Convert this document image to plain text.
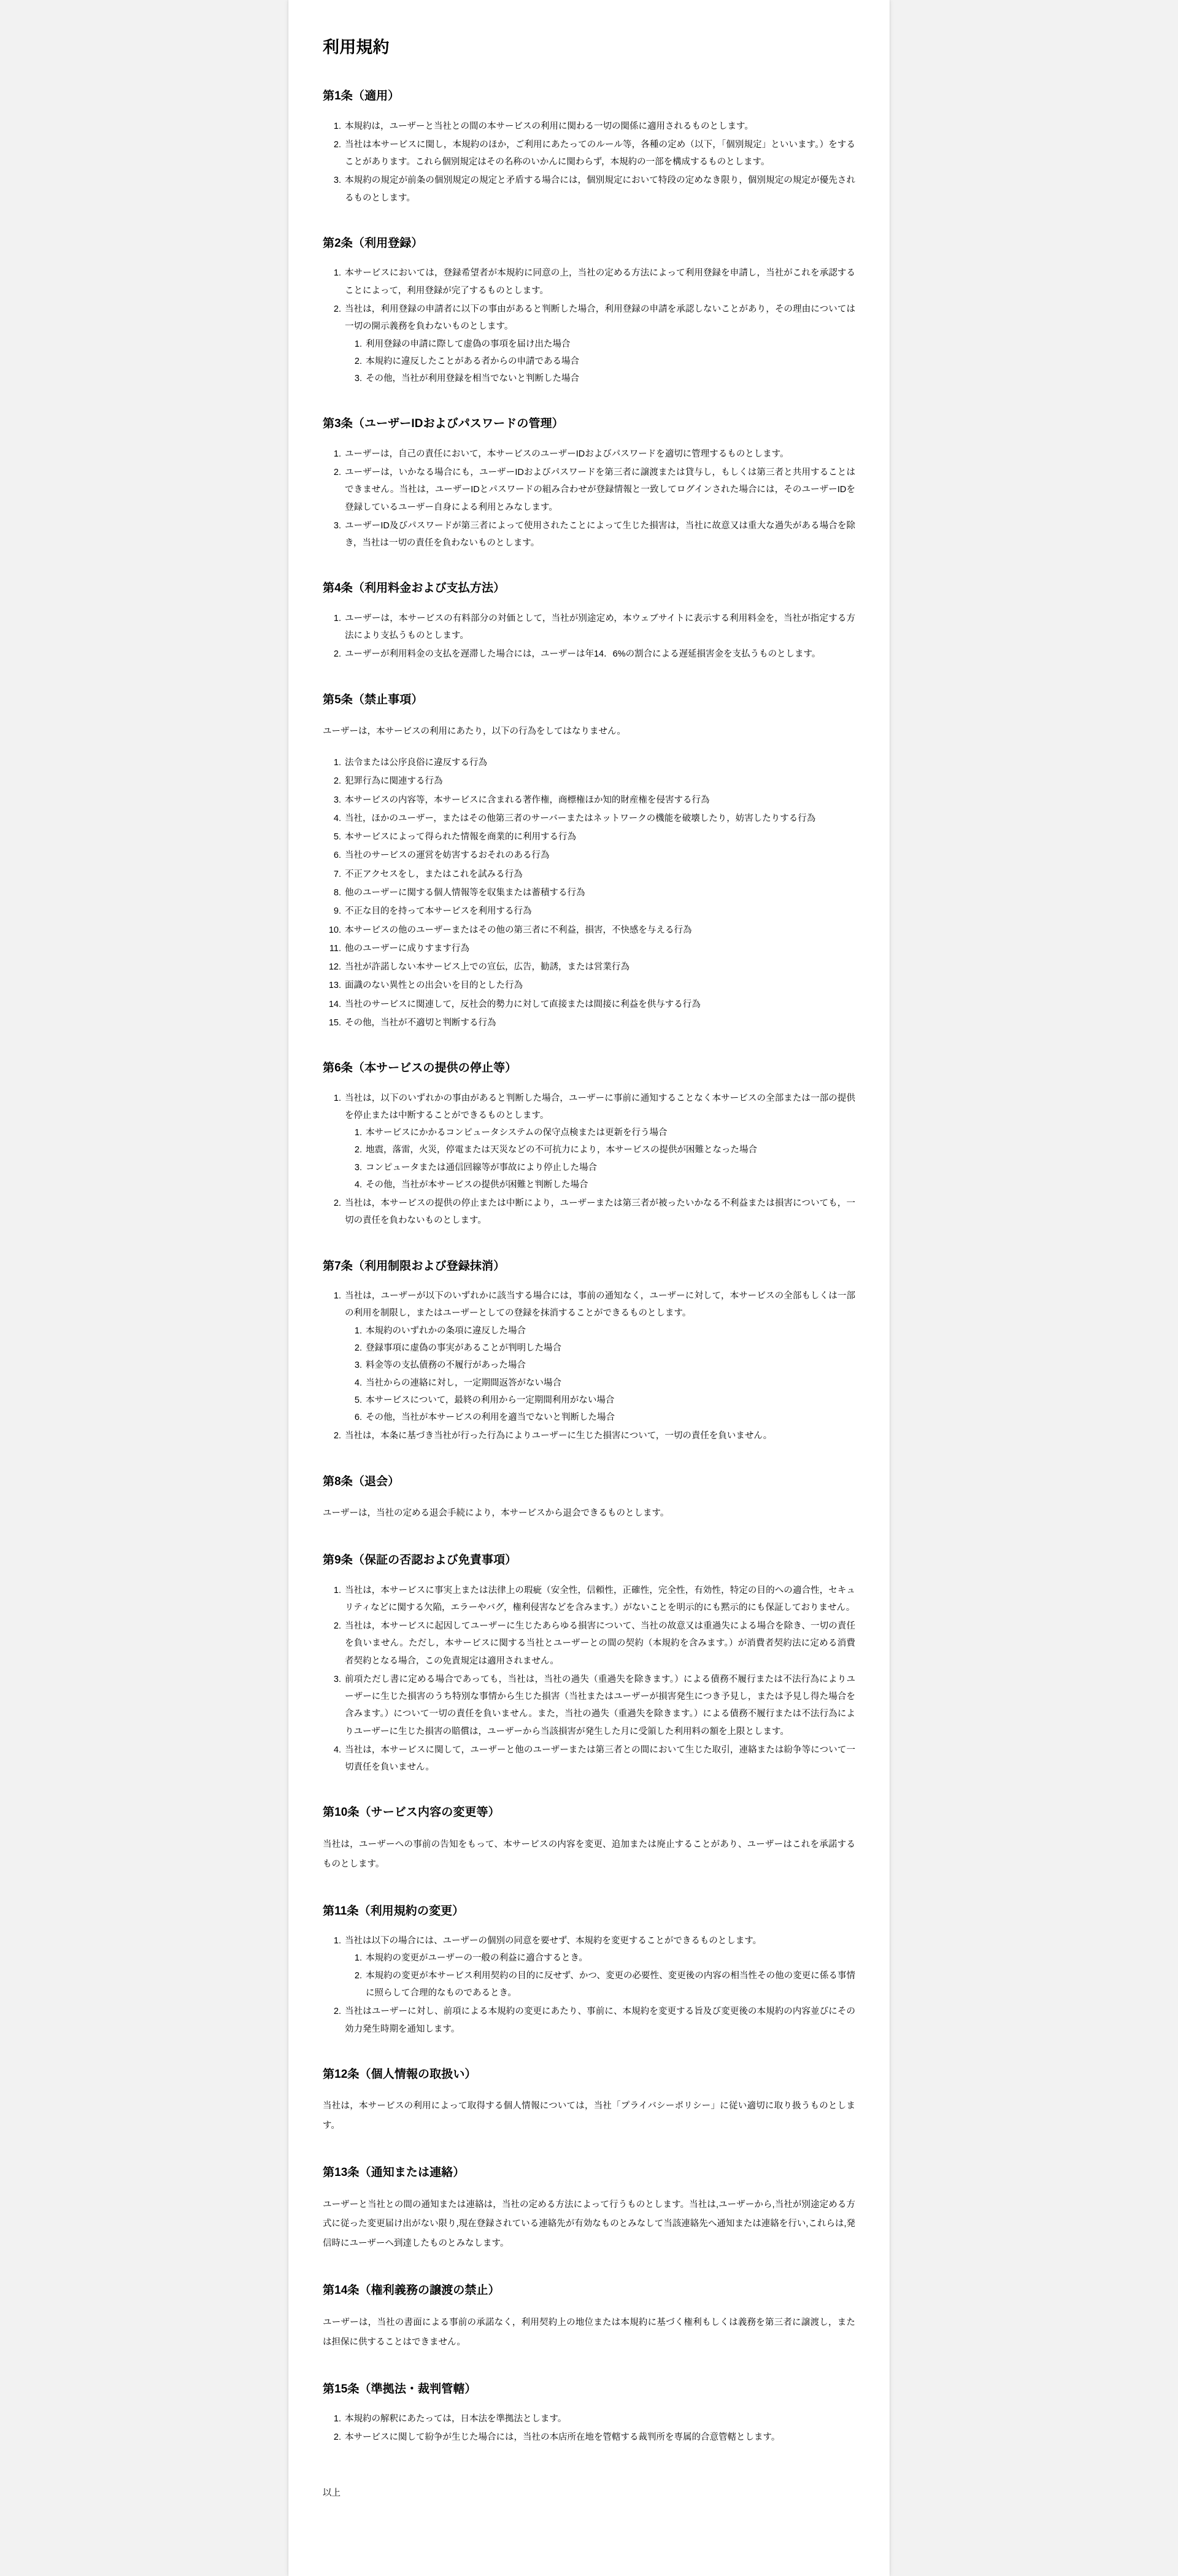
利用規約
第1条（適用）
1. 本規約は，ユーザーと当社との間の本サービスの利用に関わる一切の関係に適用されるものとします。
2. 当社は本サービスに関し，本規約のほか，ご利用にあたってのルール等，各種の定め（以下，「個別規定」といいます。）をすることがあります。これら個別規定はその名称のいかんに関わらず，本規約の一部を構成するものとします。
3. 本規約の規定が前条の個別規定の規定と矛盾する場合には，個別規定において特段の定めなき限り，個別規定の規定が優先されるものとします。
第2条（利用登録）
1. 本サービスにおいては，登録希望者が本規約に同意の上，当社の定める方法によって利用登録を申請し，当社がこれを承認することによって，利用登録が完了するものとします。
2. 当社は，利用登録の申請者に以下の事由があると判断した場合，利用登録の申請を承認しないことがあり，その理由については一切の開示義務を負わないものとします。
1. 利用登録の申請に際して虚偽の事項を届け出た場合
2. 本規約に違反したことがある者からの申請である場合
3. その他，当社が利用登録を相当でないと判断した場合
第3条（ユーザーIDおよびパスワードの管理）
1. ユーザーは，自己の責任において，本サービスのユーザーIDおよびパスワードを適切に管理するものとします。
2. ユーザーは，いかなる場合にも，ユーザーIDおよびパスワードを第三者に譲渡または貸与し，もしくは第三者と共用することはできません。当社は，ユーザーIDとパスワードの組み合わせが登録情報と一致してログインされた場合には，そのユーザーIDを登録しているユーザー自身による利用とみなします。
3. ユーザーID及びパスワードが第三者によって使用されたことによって生じた損害は，当社に故意又は重大な過失がある場合を除き，当社は一切の責任を負わないものとします。
第4条（利用料金および支払方法）
1. ユーザーは，本サービスの有料部分の対価として，当社が別途定め，本ウェブサイトに表示する利用料金を，当社が指定する方法により支払うものとします。
2. ユーザーが利用料金の支払を遅滞した場合には，ユーザーは年14．6%の割合による遅延損害金を支払うものとします。
第5条（禁止事項）

ユーザーは，本サービスの利用にあたり，以下の行為をしてはなりません。

1. 法令または公序良俗に違反する行為
2. 犯罪行為に関連する行為
3. 本サービスの内容等，本サービスに含まれる著作権，商標権ほか知的財産権を侵害する行為
4. 当社，ほかのユーザー，またはその他第三者のサーバーまたはネットワークの機能を破壊したり，妨害したりする行為
5. 本サービスによって得られた情報を商業的に利用する行為
6. 当社のサービスの運営を妨害するおそれのある行為
7. 不正アクセスをし，またはこれを試みる行為
8. 他のユーザーに関する個人情報等を収集または蓄積する行為
9. 不正な目的を持って本サービスを利用する行為
10. 本サービスの他のユーザーまたはその他の第三者に不利益，損害，不快感を与える行為
11. 他のユーザーに成りすます行為
12. 当社が許諾しない本サービス上での宣伝，広告，勧誘，または営業行為
13. 面識のない異性との出会いを目的とした行為
14. 当社のサービスに関連して，反社会的勢力に対して直接または間接に利益を供与する行為
15. その他，当社が不適切と判断する行為
第6条（本サービスの提供の停止等）
1. 当社は，以下のいずれかの事由があると判断した場合，ユーザーに事前に通知することなく本サービスの全部または一部の提供を停止または中断することができるものとします。
1. 本サービスにかかるコンピュータシステムの保守点検または更新を行う場合
2. 地震，落雷，火災，停電または天災などの不可抗力により，本サービスの提供が困難となった場合
3. コンピュータまたは通信回線等が事故により停止した場合
4. その他，当社が本サービスの提供が困難と判断した場合
2. 当社は，本サービスの提供の停止または中断により，ユーザーまたは第三者が被ったいかなる不利益または損害についても，一切の責任を負わないものとします。
第7条（利用制限および登録抹消）
1. 当社は，ユーザーが以下のいずれかに該当する場合には，事前の通知なく，ユーザーに対して，本サービスの全部もしくは一部の利用を制限し，またはユーザーとしての登録を抹消することができるものとします。
1. 本規約のいずれかの条項に違反した場合
2. 登録事項に虚偽の事実があることが判明した場合
3. 料金等の支払債務の不履行があった場合
4. 当社からの連絡に対し，一定期間返答がない場合
5. 本サービスについて，最終の利用から一定期間利用がない場合
6. その他，当社が本サービスの利用を適当でないと判断した場合
2. 当社は，本条に基づき当社が行った行為によりユーザーに生じた損害について，一切の責任を負いません。
第8条（退会）

ユーザーは，当社の定める退会手続により，本サービスから退会できるものとします。

第9条（保証の否認および免責事項）
1. 当社は，本サービスに事実上または法律上の瑕疵（安全性，信頼性，正確性，完全性，有効性，特定の目的への適合性，セキュリティなどに関する欠陥，エラーやバグ，権利侵害などを含みます。）がないことを明示的にも黙示的にも保証しておりません。
2. 当社は，本サービスに起因してユーザーに生じたあらゆる損害について、当社の故意又は重過失による場合を除き、一切の責任を負いません。ただし，本サービスに関する当社とユーザーとの間の契約（本規約を含みます。）が消費者契約法に定める消費者契約となる場合，この免責規定は適用されません。
3. 前項ただし書に定める場合であっても，当社は，当社の過失（重過失を除きます。）による債務不履行または不法行為によりユーザーに生じた損害のうち特別な事情から生じた損害（当社またはユーザーが損害発生につき予見し，または予見し得た場合を含みます。）について一切の責任を負いません。また，当社の過失（重過失を除きます。）による債務不履行または不法行為によりユーザーに生じた損害の賠償は，ユーザーから当該損害が発生した月に受領した利用料の額を上限とします。
4. 当社は，本サービスに関して，ユーザーと他のユーザーまたは第三者との間において生じた取引，連絡または紛争等について一切責任を負いません。
第10条（サービス内容の変更等）

当社は，ユーザーへの事前の告知をもって、本サービスの内容を変更、追加または廃止することがあり、ユーザーはこれを承諾するものとします。

第11条（利用規約の変更）
1. 当社は以下の場合には、ユーザーの個別の同意を要せず、本規約を変更することができるものとします。
1. 本規約の変更がユーザーの一般の利益に適合するとき。
2. 本規約の変更が本サービス利用契約の目的に反せず、かつ、変更の必要性、変更後の内容の相当性その他の変更に係る事情に照らして合理的なものであるとき。
2. 当社はユーザーに対し、前項による本規約の変更にあたり、事前に、本規約を変更する旨及び変更後の本規約の内容並びにその効力発生時期を通知します。
第12条（個人情報の取扱い）

当社は，本サービスの利用によって取得する個人情報については，当社「プライバシーポリシー」に従い適切に取り扱うものとします。

第13条（通知または連絡）

ユーザーと当社との間の通知または連絡は，当社の定める方法によって行うものとします。当社は,ユーザーから,当社が別途定める方式に従った変更届け出がない限り,現在登録されている連絡先が有効なものとみなして当該連絡先へ通知または連絡を行い,これらは,発信時にユーザーへ到達したものとみなします。

第14条（権利義務の譲渡の禁止）

ユーザーは，当社の書面による事前の承諾なく，利用契約上の地位または本規約に基づく権利もしくは義務を第三者に譲渡し，または担保に供することはできません。

第15条（準拠法・裁判管轄）
1. 本規約の解釈にあたっては，日本法を準拠法とします。
2. 本サービスに関して紛争が生じた場合には，当社の本店所在地を管轄する裁判所を専属的合意管轄とします。

以上
